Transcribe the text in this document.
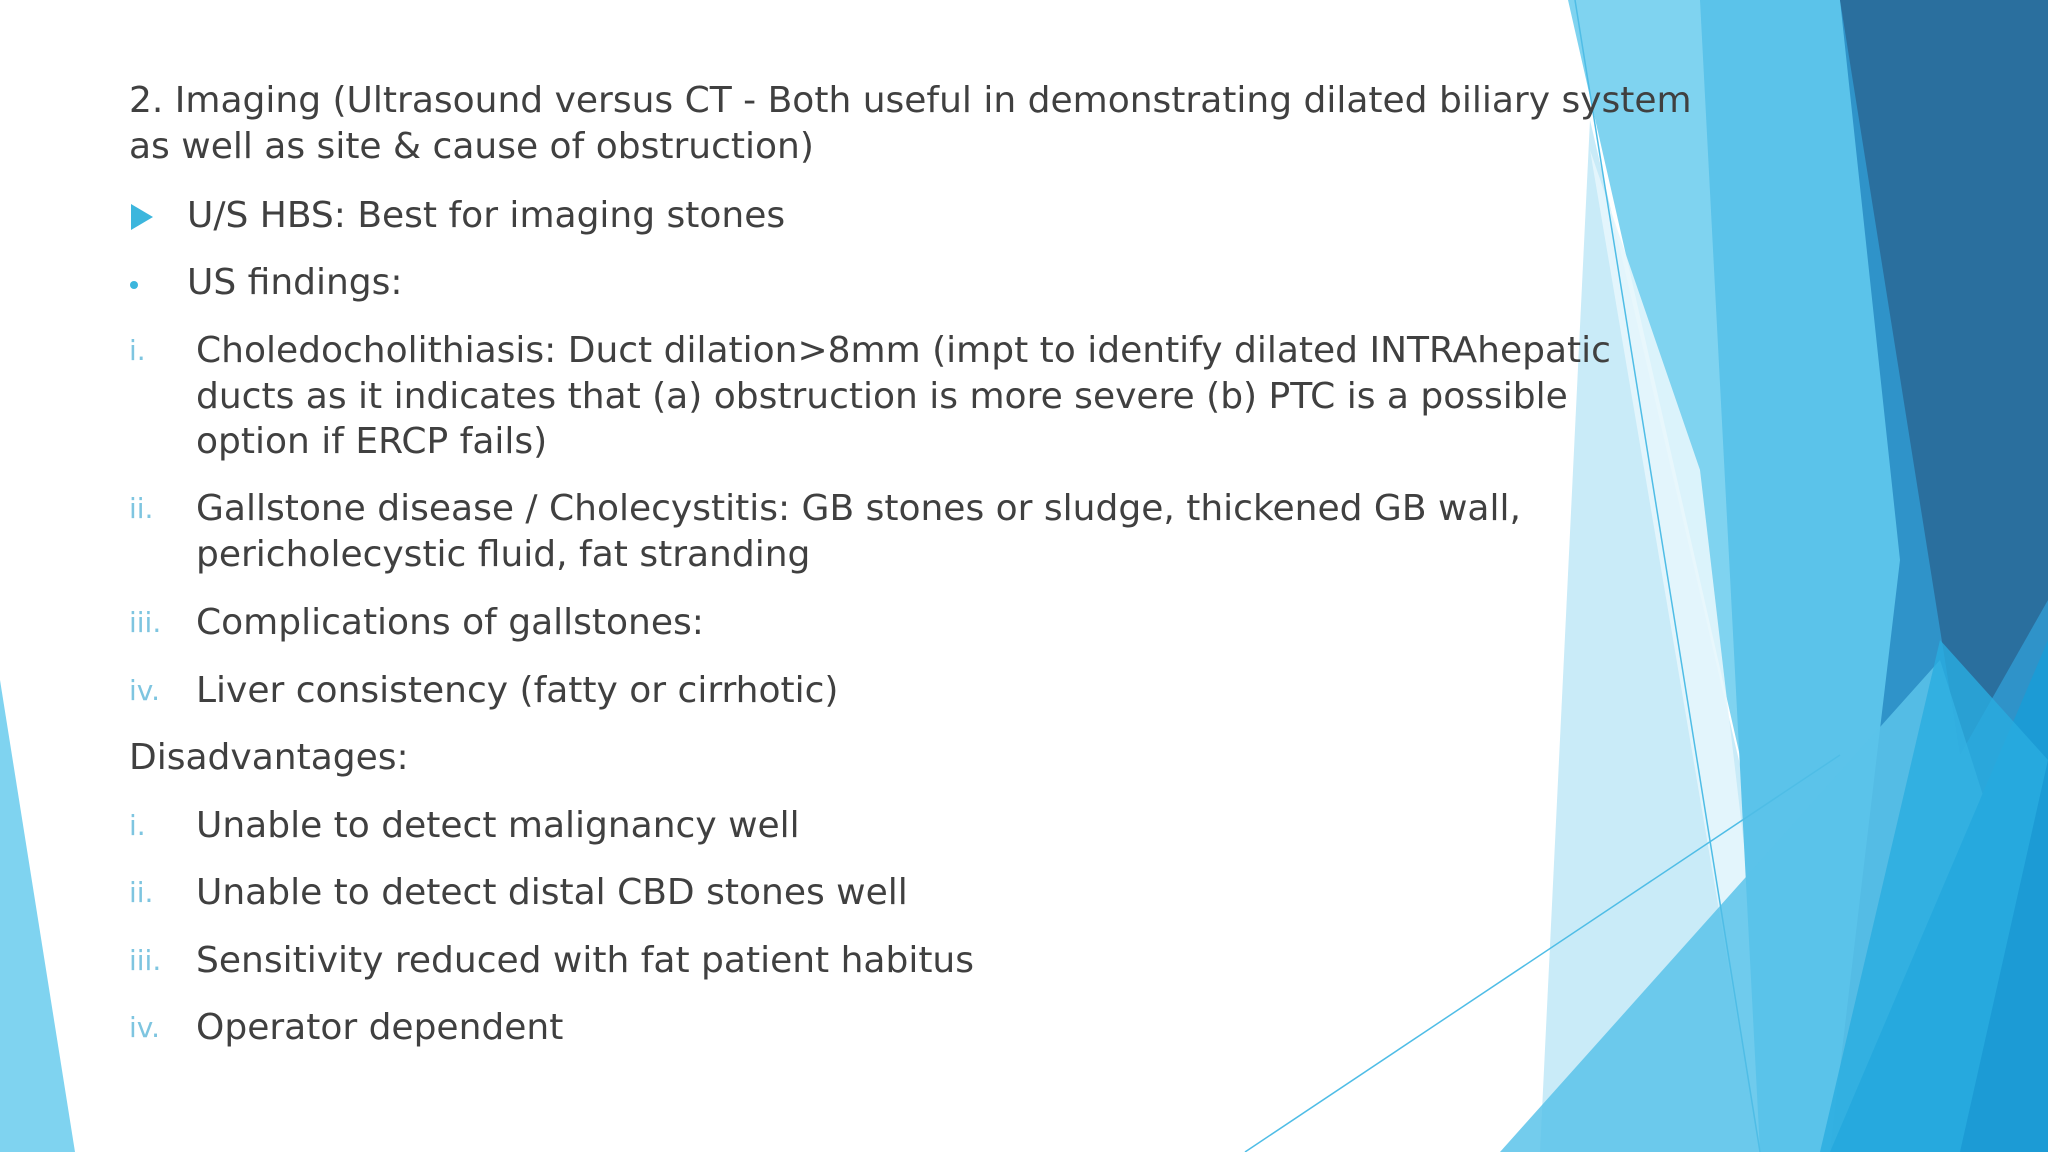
2. Imaging (Ultrasound versus CT - Both useful in demonstrating dilated biliary system
as well as site & cause of obstruction)
U/S HBS: Best for imaging stones
US findings:
i. Choledocholithiasis: Duct dilation>8mm (impt to identify dilated INTRAhepatic
ducts as it indicates that (a) obstruction is more severe (b) PTC is a possible
option if ERCP fails)
ii. Gallstone disease / Cholecystitis: GB stones or sludge, thickened GB wall,
pericholecystic fluid, fat stranding
iii. Complications of gallstones:
iv. Liver consistency (fatty or cirrhotic)
Disadvantages:
i. Unable to detect malignancy well
ii. Unable to detect distal CBD stones well
iii. Sensitivity reduced with fat patient habitus
iv. Operator dependent
